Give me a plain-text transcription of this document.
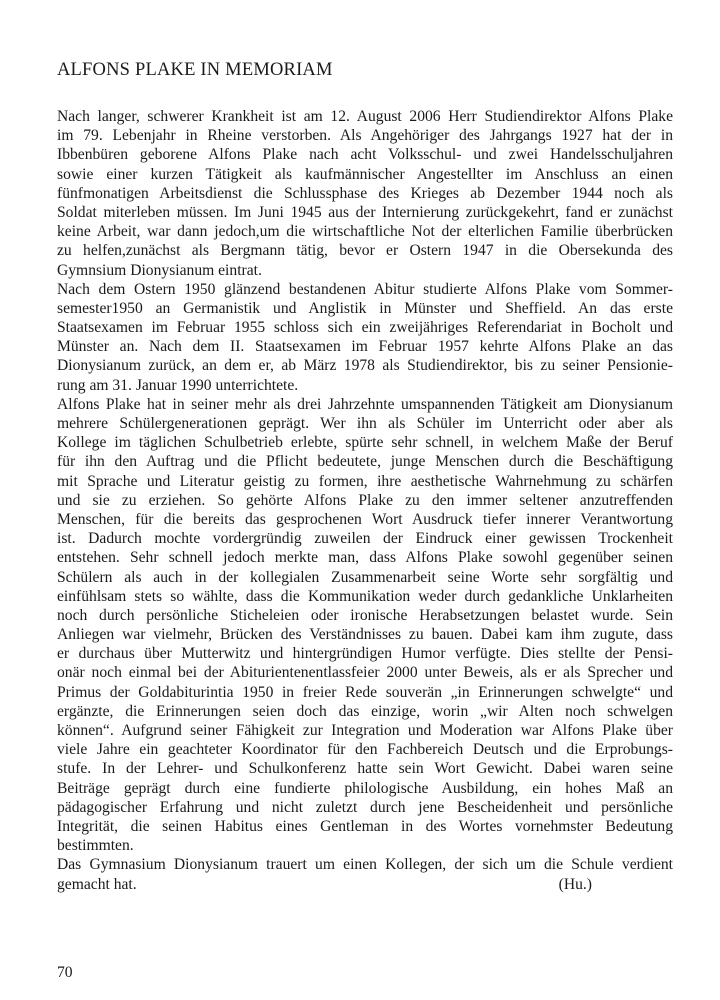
ALFONS PLAKE IN MEMORIAM
Nach langer, schwerer Krankheit ist am 12. August 2006 Herr Studiendirektor Alfons Plake
im 79. Lebenjahr in Rheine verstorben. Als Angehöriger des Jahrgangs 1927 hat der in
Ibbenbüren geborene Alfons Plake nach acht Volksschul- und zwei Handelsschuljahren
sowie einer kurzen Tätigkeit als kaufmännischer Angestellter im Anschluss an einen
fünfmonatigen Arbeitsdienst die Schlussphase des Krieges ab Dezember 1944 noch als
Soldat miterleben müssen. Im Juni 1945 aus der Internierung zurückgekehrt, fand er zunächst
keine Arbeit, war dann jedoch,um die wirtschaftliche Not der elterlichen Familie überbrücken
zu helfen,zunächst als Bergmann tätig, bevor er Ostern 1947 in die Obersekunda des
Gymnsium Dionysianum eintrat.
Nach dem Ostern 1950 glänzend bestandenen Abitur studierte Alfons Plake vom Sommer-
semester1950 an Germanistik und Anglistik in Münster und Sheffield. An das erste
Staatsexamen im Februar 1955 schloss sich ein zweijähriges Referendariat in Bocholt und
Münster an. Nach dem II. Staatsexamen im Februar 1957 kehrte Alfons Plake an das
Dionysianum zurück, an dem er, ab März 1978 als Studiendirektor, bis zu seiner Pensionie-
rung am 31. Januar 1990 unterrichtete.
Alfons Plake hat in seiner mehr als drei Jahrzehnte umspannenden Tätigkeit am Dionysianum
mehrere Schülergenerationen geprägt. Wer ihn als Schüler im Unterricht oder aber als
Kollege im täglichen Schulbetrieb erlebte, spürte sehr schnell, in welchem Maße der Beruf
für ihn den Auftrag und die Pflicht bedeutete, junge Menschen durch die Beschäftigung
mit Sprache und Literatur geistig zu formen, ihre aesthetische Wahrnehmung zu schärfen
und sie zu erziehen. So gehörte Alfons Plake zu den immer seltener anzutreffenden
Menschen, für die bereits das gesprochenen Wort Ausdruck tiefer innerer Verantwortung
ist. Dadurch mochte vordergründig zuweilen der Eindruck einer gewissen Trockenheit
entstehen. Sehr schnell jedoch merkte man, dass Alfons Plake sowohl gegenüber seinen
Schülern als auch in der kollegialen Zusammenarbeit seine Worte sehr sorgfältig und
einfühlsam stets so wählte, dass die Kommunikation weder durch gedankliche Unklarheiten
noch durch persönliche Sticheleien oder ironische Herabsetzungen belastet wurde. Sein
Anliegen war vielmehr, Brücken des Verständnisses zu bauen. Dabei kam ihm zugute, dass
er durchaus über Mutterwitz und hintergründigen Humor verfügte. Dies stellte der Pensi-
onär noch einmal bei der Abiturientenentlassfeier 2000 unter Beweis, als er als Sprecher und
Primus der Goldabiturintia 1950 in freier Rede souverän „in Erinnerungen schwelgte“ und
ergänzte, die Erinnerungen seien doch das einzige, worin „wir Alten noch schwelgen
können“. Aufgrund seiner Fähigkeit zur Integration und Moderation war Alfons Plake über
viele Jahre ein geachteter Koordinator für den Fachbereich Deutsch und die Erprobungs-
stufe. In der Lehrer- und Schulkonferenz hatte sein Wort Gewicht. Dabei waren seine
Beiträge geprägt durch eine fundierte philologische Ausbildung, ein hohes Maß an
pädagogischer Erfahrung und nicht zuletzt durch jene Bescheidenheit und persönliche
Integrität, die seinen Habitus eines Gentleman in des Wortes vornehmster Bedeutung
bestimmten.
Das Gymnasium Dionysianum trauert um einen Kollegen, der sich um die Schule verdient
gemacht hat.	(Hu.)
70
